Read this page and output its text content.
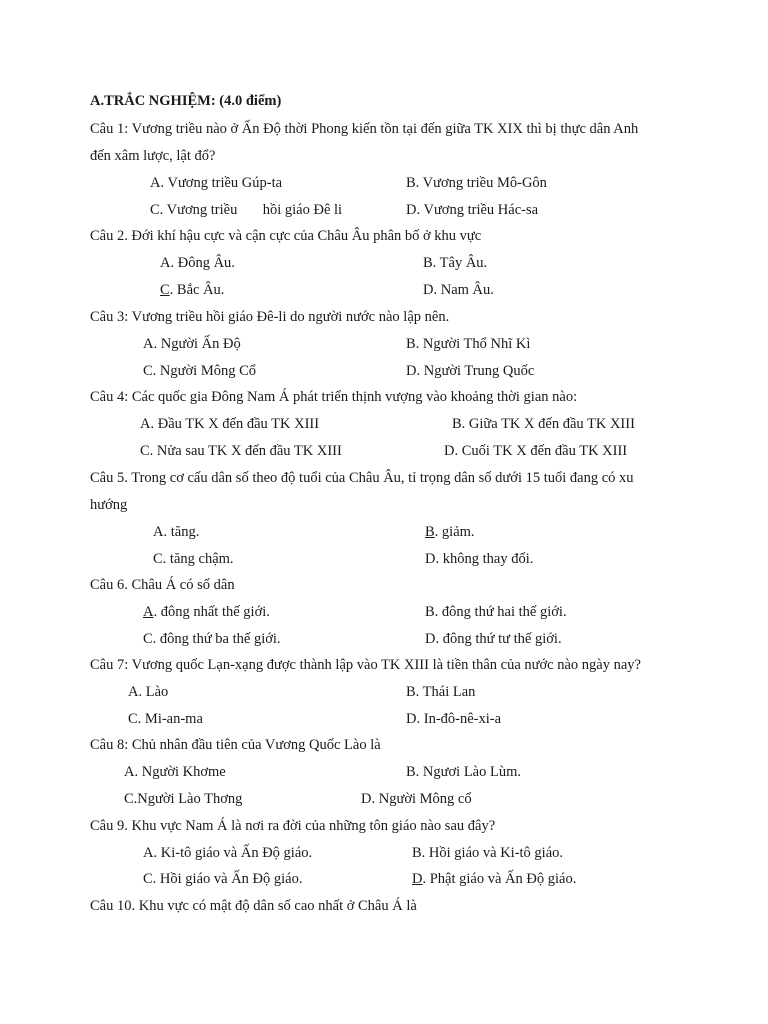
A.TRẮC NGHIỆM: (4.0 điểm)
Câu 1: Vương triều nào ở Ấn Độ thời Phong kiến tồn tại đến giữa TK XIX thì bị thực dân Anh
đến xâm lược, lật đổ?
A. Vương triều Gúp-ta	B. Vương triều Mô-Gôn
C. Vương triều       hồi giáo Đê li	D. Vương triều Hác-sa
Câu 2. Đới khí hậu cực và cận cực của Châu Âu phân bố ở khu vực
A. Đông Âu.	B. Tây Âu.
C. Bắc Âu.	D. Nam Âu.
Câu 3: Vương triều hồi giáo Đê-li do người nước nào lập nên.
A. Người Ấn Độ	B. Người Thổ Nhĩ Kì
C. Người Mông Cổ	D. Người Trung Quốc
Câu 4: Các quốc gia Đông Nam Á phát triển thịnh vượng vào khoảng thời gian nào:
A. Đầu TK X đến đầu TK XIII	B. Giữa TK X đến đầu TK XIII
C. Nửa sau TK X đến đầu TK XIII	D. Cuối TK X đến đầu TK XIII
Câu 5. Trong cơ cấu dân số theo độ tuổi của Châu Âu, tỉ trọng dân số dưới 15 tuổi đang có xu
hướng
A. tăng.	B. giảm.
C. tăng chậm.	D. không thay đổi.
Câu 6. Châu Á có số dân
A. đông nhất thế giới.	B. đông thứ hai thế giới.
C. đông thứ ba thế giới.	D. đông thứ tư thế giới.
Câu 7: Vương quốc Lạn-xạng được thành lập vào TK XIII là tiền thân của nước nào ngày nay?
A. Lào	B. Thái Lan
C. Mi-an-ma	D. In-đô-nê-xi-a
Câu 8: Chủ nhân đầu tiên của Vương Quốc Lào là
A. Người Khơme	B. Ngươi Lào Lùm.
C.Người Lào Thơng	D. Người Mông cổ
Câu 9. Khu vực Nam Á là nơi ra đời của những tôn giáo nào sau đây?
A. Ki-tô giáo và Ấn Độ giáo.	B. Hồi giáo và Ki-tô giáo.
C. Hồi giáo và Ấn Độ giáo.	D. Phật giáo và Ấn Độ giáo.
Câu 10. Khu vực có mật độ dân số cao nhất ở Châu Á là
